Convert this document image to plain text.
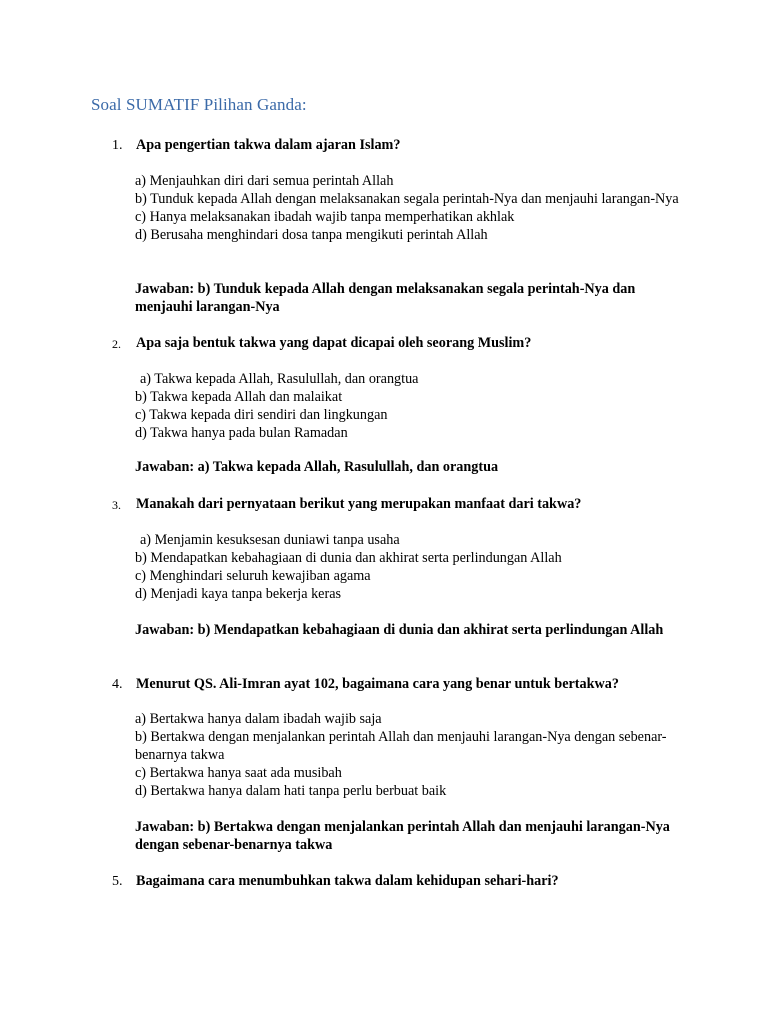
Soal SUMATIF Pilihan Ganda:
1. Apa pengertian takwa dalam ajaran Islam?

a) Menjauhkan diri dari semua perintah Allah
b) Tunduk kepada Allah dengan melaksanakan segala perintah-Nya dan menjauhi larangan-Nya
c) Hanya melaksanakan ibadah wajib tanpa memperhatikan akhlak
d) Berusaha menghindari dosa tanpa mengikuti perintah Allah

Jawaban: b) Tunduk kepada Allah dengan melaksanakan segala perintah-Nya dan menjauhi larangan-Nya

2. Apa saja bentuk takwa yang dapat dicapai oleh seorang Muslim?

a) Takwa kepada Allah, Rasulullah, dan orangtua
b) Takwa kepada Allah dan malaikat
c) Takwa kepada diri sendiri dan lingkungan
d) Takwa hanya pada bulan Ramadan

Jawaban: a) Takwa kepada Allah, Rasulullah, dan orangtua

3. Manakah dari pernyataan berikut yang merupakan manfaat dari takwa?

a) Menjamin kesuksesan duniawi tanpa usaha
b) Mendapatkan kebahagiaan di dunia dan akhirat serta perlindungan Allah
c) Menghindari seluruh kewajiban agama
d) Menjadi kaya tanpa bekerja keras

Jawaban: b) Mendapatkan kebahagiaan di dunia dan akhirat serta perlindungan Allah

4. Menurut QS. Ali-Imran ayat 102, bagaimana cara yang benar untuk bertakwa?

a) Bertakwa hanya dalam ibadah wajib saja
b) Bertakwa dengan menjalankan perintah Allah dan menjauhi larangan-Nya dengan sebenar-benarnya takwa
c) Bertakwa hanya saat ada musibah
d) Bertakwa hanya dalam hati tanpa perlu berbuat baik

Jawaban: b) Bertakwa dengan menjalankan perintah Allah dan menjauhi larangan-Nya dengan sebenar-benarnya takwa

5. Bagaimana cara menumbuhkan takwa dalam kehidupan sehari-hari?
